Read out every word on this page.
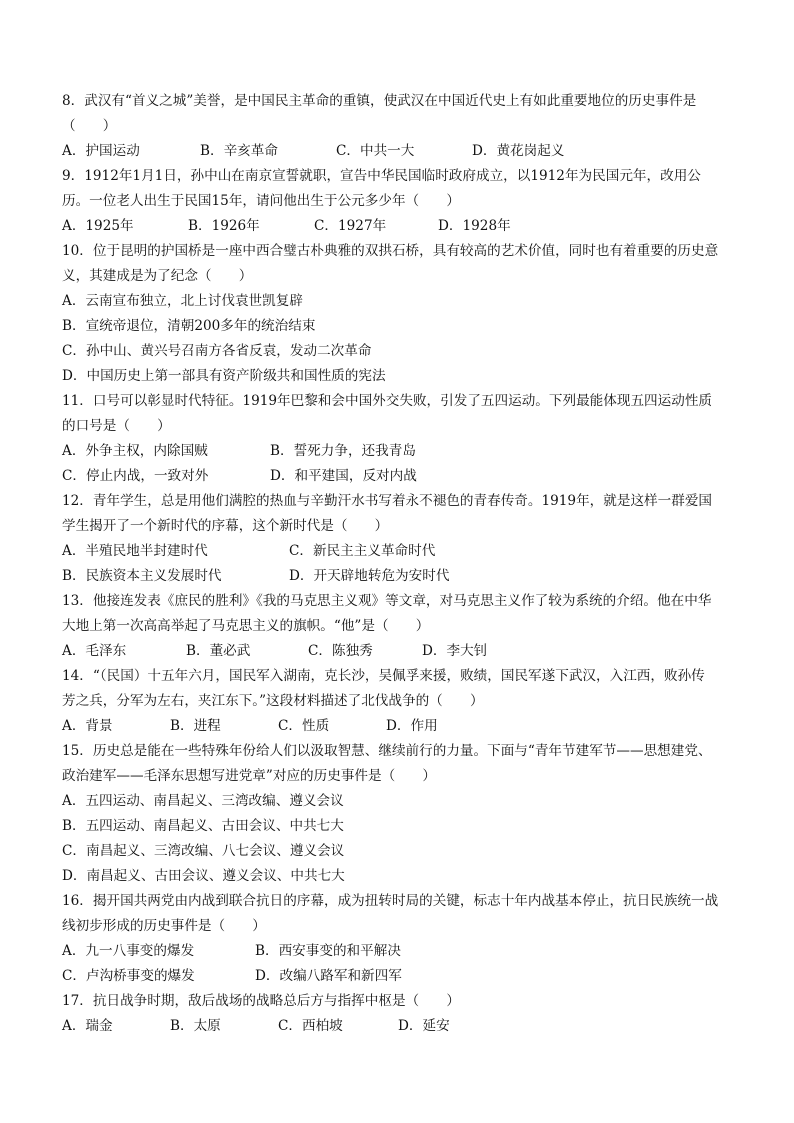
8．武汉有“首义之城”美誉，是中国民主革命的重镇，使武汉在中国近代史上有如此重要地位的历史事件是
（　　）
A．护国运动	B．辛亥革命	C．中共一大	D．黄花岗起义
9．1912年1月1日，孙中山在南京宣誓就职，宣告中华民国临时政府成立，以1912年为民国元年，改用公
历。一位老人出生于民国15年，请问他出生于公元多少年（　　）
A．1925年	B．1926年	C．1927年	D．1928年
10．位于昆明的护国桥是一座中西合璧古朴典雅的双拱石桥，具有较高的艺术价值，同时也有着重要的历史意
义，其建成是为了纪念（　　）
A．云南宣布独立，北上讨伐袁世凯复辟
B．宣统帝退位，清朝200多年的统治结束
C．孙中山、黄兴号召南方各省反袁，发动二次革命
D．中国历史上第一部具有资产阶级共和国性质的宪法
11．口号可以彰显时代特征。1919年巴黎和会中国外交失败，引发了五四运动。下列最能体现五四运动性质
的口号是（　　）
A．外争主权，内除国贼	B．誓死力争，还我青岛
C．停止内战，一致对外	D．和平建国，反对内战
12．青年学生，总是用他们满腔的热血与辛勤汗水书写着永不褪色的青春传奇。1919年，就是这样一群爱国
学生揭开了一个新时代的序幕，这个新时代是（　　）
A．半殖民地半封建时代	C．新民主主义革命时代
B．民族资本主义发展时代	D．开天辟地转危为安时代
13．他接连发表《庶民的胜利》《我的马克思主义观》等文章，对马克思主义作了较为系统的介绍。他在中华
大地上第一次高高举起了马克思主义的旗帜。“他”是（　　）
A．毛泽东	B．董必武	C．陈独秀	D．李大钊
14．“（民国）十五年六月，国民军入湖南，克长沙，吴佩孚来援，败绩，国民军遂下武汉，入江西，败孙传
芳之兵，分军为左右，夹江东下。”这段材料描述了北伐战争的（　　）
A．背景	B．进程	C．性质	D．作用
15．历史总是能在一些特殊年份给人们以汲取智慧、继续前行的力量。下面与“青年节建军节——思想建党、
政治建军——毛泽东思想写进党章”对应的历史事件是（　　）
A．五四运动、南昌起义、三湾改编、遵义会议
B．五四运动、南昌起义、古田会议、中共七大
C．南昌起义、三湾改编、八七会议、遵义会议
D．南昌起义、古田会议、遵义会议、中共七大
16．揭开国共两党由内战到联合抗日的序幕，成为扭转时局的关键，标志十年内战基本停止，抗日民族统一战
线初步形成的历史事件是（　　）
A．九一八事变的爆发	B．西安事变的和平解决
C．卢沟桥事变的爆发	D．改编八路军和新四军
17．抗日战争时期，敌后战场的战略总后方与指挥中枢是（　　）
A．瑞金	B．太原	C．西柏坡	D．延安
